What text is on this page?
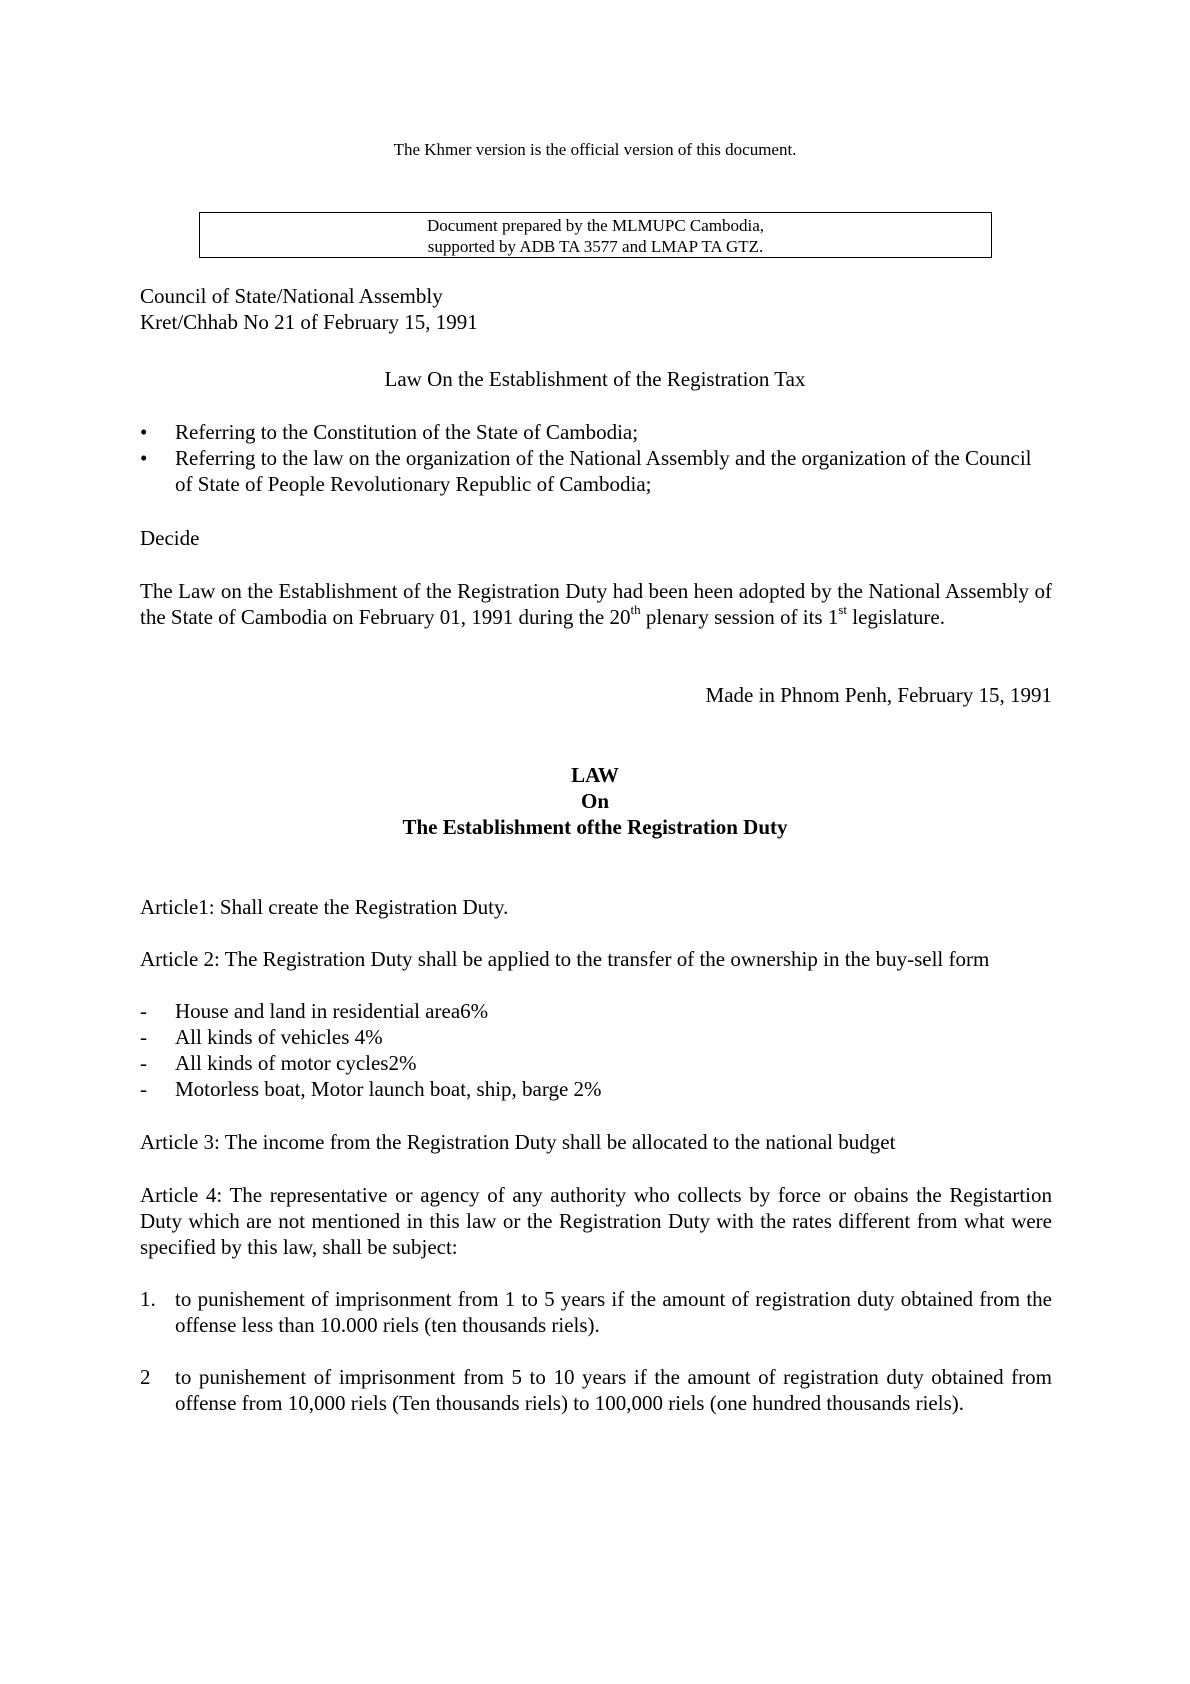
The Khmer version is the official version of this document.
Document prepared by the MLMUPC Cambodia,
supported by ADB TA 3577 and LMAP TA GTZ.
Council of State/National Assembly
Kret/Chhab No 21 of February 15, 1991
Law On the Establishment of the Registration Tax
• Referring to the Constitution of the State of Cambodia;
• Referring to the law on the organization of the National Assembly and the organization of the Council of State of People Revolutionary Republic of Cambodia;
Decide
The Law on the Establishment of the Registration Duty had been heen adopted by the National Assembly of the State of Cambodia on February 01, 1991 during the 20th plenary session of its 1st legislature.
Made in Phnom Penh, February 15, 1991
LAW
On
The Establishment ofthe Registration Duty
Article1: Shall create the Registration Duty.
Article 2: The Registration Duty shall be applied to the transfer of the ownership in the buy-sell form
- House and land in residential area6%
- All kinds of vehicles 4%
- All kinds of motor cycles2%
- Motorless boat, Motor launch boat, ship, barge 2%
Article 3: The income from the Registration Duty shall be allocated to the national budget
Article 4: The representative or agency of any authority who collects by force or obains the Registartion Duty which are not mentioned in this law or the Registration Duty with the rates different from what were specified by this law, shall be subject:
1. to punishement of imprisonment from 1 to 5 years if the amount of registration duty obtained from the offense less than 10.000 riels (ten thousands riels).
2 to punishement of imprisonment from 5 to 10 years if the amount of registration duty obtained from offense from 10,000 riels (Ten thousands riels) to 100,000 riels (one hundred thousands riels).
